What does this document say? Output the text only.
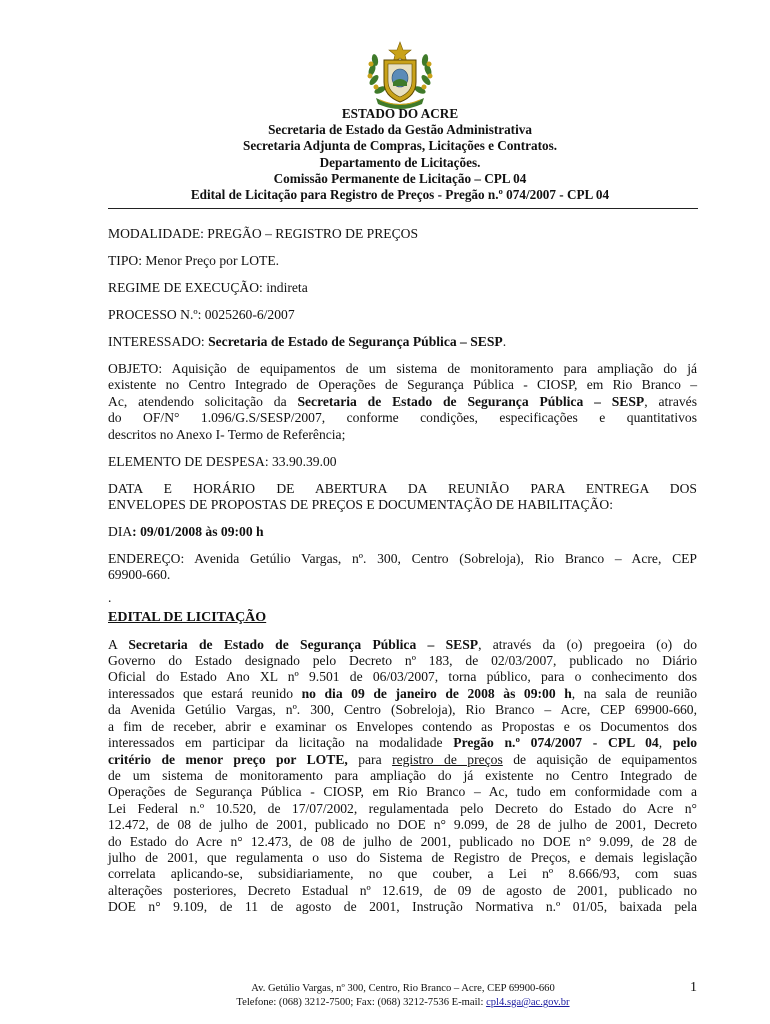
ESTADO DO ACRE
Secretaria de Estado da Gestão Administrativa
Secretaria Adjunta de Compras, Licitações e Contratos.
Departamento de Licitações.
Comissão Permanente de Licitação – CPL 04
Edital de Licitação para Registro de Preços - Pregão n.º 074/2007 - CPL 04

MODALIDADE: PREGÃO – REGISTRO DE PREÇOS

TIPO: Menor Preço por LOTE.

REGIME DE EXECUÇÃO: indireta

PROCESSO N.º: 0025260-6/2007

INTERESSADO: Secretaria de Estado de Segurança Pública – SESP.

OBJETO: Aquisição de equipamentos de um sistema de monitoramento para ampliação do já
existente no Centro Integrado de Operações de Segurança Pública - CIOSP, em Rio Branco –
Ac, atendendo solicitação da Secretaria de Estado de Segurança Pública – SESP, através
do OF/N° 1.096/G.S/SESP/2007, conforme condições, especificações e quantitativos
descritos no Anexo I- Termo de Referência;

ELEMENTO DE DESPESA: 33.90.39.00

DATA E HORÁRIO DE ABERTURA DA REUNIÃO PARA ENTREGA DOS
ENVELOPES DE PROPOSTAS DE PREÇOS E DOCUMENTAÇÃO DE HABILITAÇÃO:

DIA: 09/01/2008 às 09:00 h

ENDEREÇO: Avenida Getúlio Vargas, nº. 300, Centro (Sobreloja), Rio Branco – Acre, CEP
69900-660.

.

EDITAL DE LICITAÇÃO

A Secretaria de Estado de Segurança Pública – SESP, através da (o) pregoeira (o) do
Governo do Estado designado pelo Decreto nº 183, de 02/03/2007, publicado no Diário
Oficial do Estado Ano XL nº 9.501 de 06/03/2007, torna público, para o conhecimento dos
interessados que estará reunido no dia 09 de janeiro de 2008 às 09:00 h, na sala de reunião
da Avenida Getúlio Vargas, nº. 300, Centro (Sobreloja), Rio Branco – Acre, CEP 69900-660,
a fim de receber, abrir e examinar os Envelopes contendo as Propostas e os Documentos dos
interessados em participar da licitação na modalidade Pregão n.º 074/2007 - CPL 04, pelo
critério de menor preço por LOTE, para registro de preços de aquisição de equipamentos
de um sistema de monitoramento para ampliação do já existente no Centro Integrado de
Operações de Segurança Pública - CIOSP, em Rio Branco – Ac, tudo em conformidade com a
Lei Federal n.º 10.520, de 17/07/2002, regulamentada pelo Decreto do Estado do Acre n°
12.472, de 08 de julho de 2001, publicado no DOE n° 9.099, de 28 de julho de 2001, Decreto
do Estado do Acre n° 12.473, de 08 de julho de 2001, publicado no DOE n° 9.099, de 28 de
julho de 2001, que regulamenta o uso do Sistema de Registro de Preços, e demais legislação
correlata aplicando-se, subsidiariamente, no que couber, a Lei nº 8.666/93, com suas
alterações posteriores, Decreto Estadual nº 12.619, de 09 de agosto de 2001, publicado no
DOE n° 9.109, de 11 de agosto de 2001, Instrução Normativa n.º 01/05, baixada pela

Av. Getúlio Vargas, nº 300, Centro, Rio Branco – Acre, CEP 69900-660
Telefone: (068) 3212-7500; Fax: (068) 3212-7536 E-mail: cpl4.sga@ac.gov.br
1
